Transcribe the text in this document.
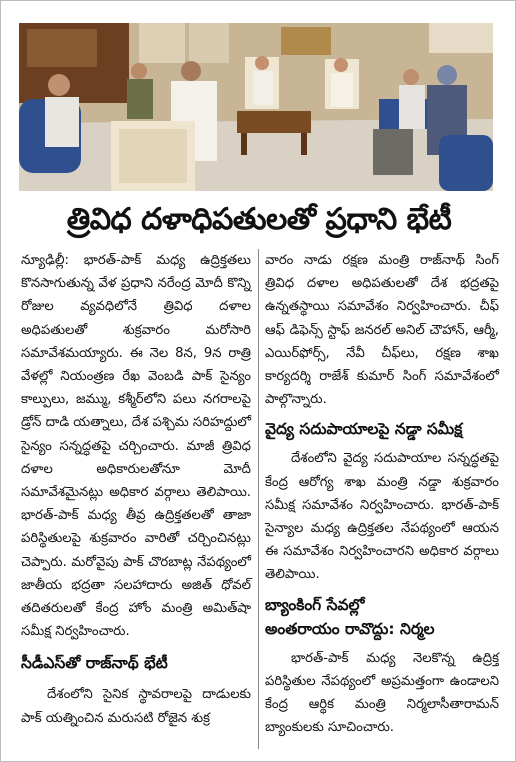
త్రివిధ దళాధిపతులతో ప్రధాని భేటీ

న్యూఢిల్లీ: భారత్‌-పాక్‌ మధ్య ఉద్రిక్తతలు కొనసాగుతున్న వేళ ప్రధాని నరేంద్ర మోదీ కొన్ని రోజుల వ్యవధిలోనే త్రివిధ దళాల అధిపతులతో శుక్రవారం మరోసారి సమావేశమయ్యారు. ఈ నెల 8న, 9న రాత్రి వేళల్లో నియంత్రణ రేఖ వెంబడి పాక్‌ సైన్యం కాల్పులు, జమ్ము, కశ్మీర్‌లోని పలు నగరాలపై డ్రోన్‌ దాడి యత్నాలు, దేశ పశ్చిమ సరిహద్దులో సైన్యం సన్నద్ధతపై చర్చించారు. మాజీ త్రివిధ దళాల అధికారులతోనూ మోదీ సమావేశమైనట్లు అధికార వర్గాలు తెలిపాయి. భారత్‌-పాక్‌ మధ్య తీవ్ర ఉద్రిక్తతలతో తాజా పరిస్థితులపై శుక్రవారం వారితో చర్చించినట్లు చెప్పారు. మరోవైపు పాక్‌ చొరబాట్ల నేపథ్యంలో జాతీయ భద్రతా సలహాదారు అజిత్‌ ధోవల్‌ తదితరులతో కేంద్ర హోం మంత్రి అమిత్‌షా సమీక్ష నిర్వహించారు.

సీడీఎస్‌తో రాజ్‌నాథ్‌ భేటీ

దేశంలోని సైనిక స్థావరాలపై దాడులకు పాక్‌ యత్నించిన మరుసటి రోజైన శుక్ర

వారం నాడు రక్షణ మంత్రి రాజ్‌నాథ్‌ సింగ్‌ త్రివిధ దళాల అధిపతులతో దేశ భద్రతపై ఉన్నతస్థాయి సమావేశం నిర్వహించారు. చీఫ్‌ ఆఫ్‌ డిఫెన్స్‌ స్టాఫ్‌ జనరల్‌ అనిల్‌ చౌహాన్‌, ఆర్మీ, ఎయిర్‌ఫోర్స్‌, నేవీ చీఫ్‌లు, రక్షణ శాఖ కార్యదర్శి రాజేశ్‌ కుమార్‌ సింగ్‌ సమావేశంలో పాల్గొన్నారు.

వైద్య సదుపాయాలపై నడ్డా సమీక్ష

దేశంలోని వైద్య సదుపాయాల సన్నద్ధతపై కేంద్ర ఆరోగ్య శాఖ మంత్రి నడ్డా శుక్రవారం సమీక్ష సమావేశం నిర్వహించారు. భారత్‌-పాక్‌ సైన్యాల మధ్య ఉద్రిక్తతల నేపథ్యంలో ఆయన ఈ సమావేశం నిర్వహించారని అధికార వర్గాలు తెలిపాయి.

బ్యాంకింగ్‌ సేవల్లో
అంతరాయం రావొద్దు: నిర్మల

భారత్‌-పాక్‌ మధ్య నెలకొన్న ఉద్రిక్త పరిస్థితుల నేపథ్యంలో అప్రమత్తంగా ఉండాలని కేంద్ర ఆర్థిక మంత్రి నిర్మలాసీతారామన్‌ బ్యాంకులకు సూచించారు.
